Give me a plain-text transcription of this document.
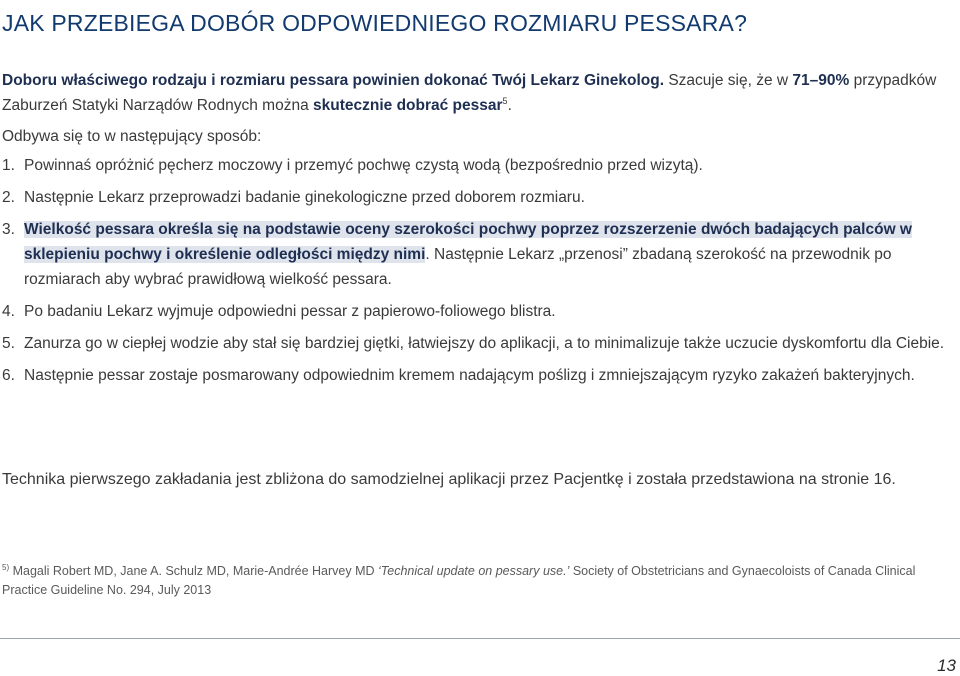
JAK PRZEBIEGA DOBÓR ODPOWIEDNIEGO ROZMIARU PESSARA?

Doboru właściwego rodzaju i rozmiaru pessara powinien dokonać Twój Lekarz Ginekolog. Szacuje się, że w 71–90% przypadków Zaburzeń Statyki Narządów Rodnych można skutecznie dobrać pessar$^5$.

Odbywa się to w następujący sposób:

1. Powinnaś opróżnić pęcherz moczowy i przemyć pochwę czystą wodą (bezpośrednio przed wizytą).
2. Następnie Lekarz przeprowadzi badanie ginekologiczne przed doborem rozmiaru.
3. Wielkość pessara określa się na podstawie oceny szerokości pochwy poprzez rozszerzenie dwóch badających palców w sklepieniu pochwy i określenie odległości między nimi. Następnie Lekarz „przenosi” zbadaną szerokość na przewodnik po rozmiarach aby wybrać prawidłową wielkość pessara.
4. Po badaniu Lekarz wyjmuje odpowiedni pessar z papierowo-foliowego blistra.
5. Zanurza go w ciepłej wodzie aby stał się bardziej giętki, łatwiejszy do aplikacji, a to minimalizuje także uczucie dyskomfortu dla Ciebie.
6. Następnie pessar zostaje posmarowany odpowiednim kremem nadającym poślizg i zmniejszającym ryzyko zakażeń bakteryjnych.

Technika pierwszego zakładania jest zbliżona do samodzielnej aplikacji przez Pacjentkę i została przedstawiona na stronie 16.

$^{5)}$ Magali Robert MD, Jane A. Schulz MD, Marie-Andrée Harvey MD ‘Technical update on pessary use.’ Society of Obstetricians and Gynaecoloists of Canada Clinical Practice Guideline No. 294, July 2013

13
